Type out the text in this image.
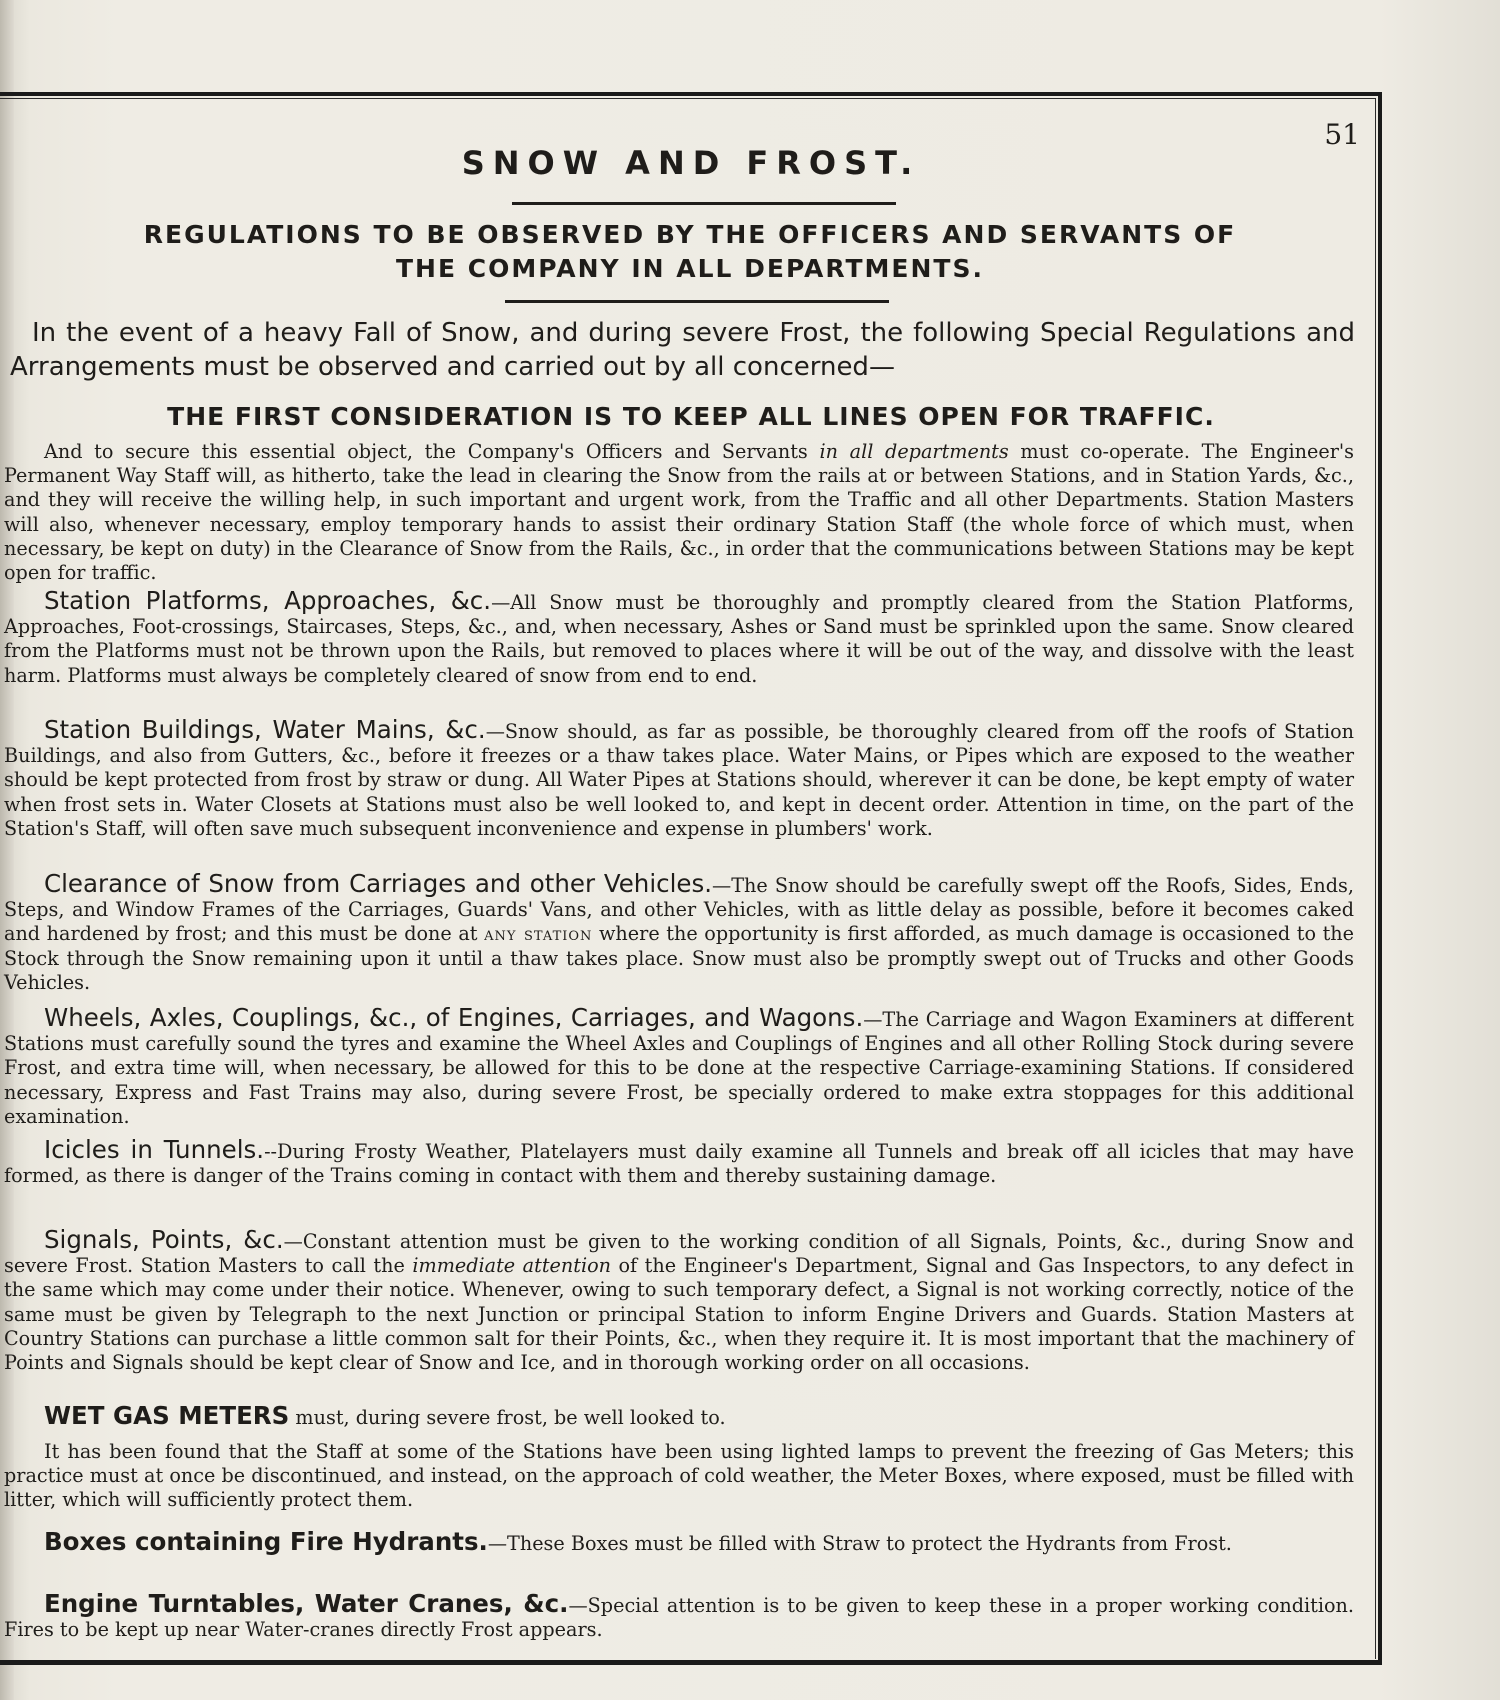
51
SNOW AND FROST.
REGULATIONS TO BE OBSERVED BY THE OFFICERS AND SERVANTS OF
THE COMPANY IN ALL DEPARTMENTS.
In the event of a heavy Fall of Snow, and during severe Frost, the following Special Regulations and Arrangements must be observed and carried out by all concerned—
THE FIRST CONSIDERATION IS TO KEEP ALL LINES OPEN FOR TRAFFIC.
And to secure this essential object, the Company's Officers and Servants in all departments must co-operate. The Engineer's Permanent Way Staff will, as hitherto, take the lead in clearing the Snow from the rails at or between Stations, and in Station Yards, &c., and they will receive the willing help, in such important and urgent work, from the Traffic and all other Departments. Station Masters will also, whenever necessary, employ temporary hands to assist their ordinary Station Staff (the whole force of which must, when necessary, be kept on duty) in the Clearance of Snow from the Rails, &c., in order that the communications between Stations may be kept open for traffic.
Station Platforms, Approaches, &c.—All Snow must be thoroughly and promptly cleared from the Station Platforms, Approaches, Foot-crossings, Staircases, Steps, &c., and, when necessary, Ashes or Sand must be sprinkled upon the same. Snow cleared from the Platforms must not be thrown upon the Rails, but removed to places where it will be out of the way, and dissolve with the least harm. Platforms must always be completely cleared of snow from end to end.
Station Buildings, Water Mains, &c.—Snow should, as far as possible, be thoroughly cleared from off the roofs of Station Buildings, and also from Gutters, &c., before it freezes or a thaw takes place. Water Mains, or Pipes which are exposed to the weather should be kept protected from frost by straw or dung. All Water Pipes at Stations should, wherever it can be done, be kept empty of water when frost sets in. Water Closets at Stations must also be well looked to, and kept in decent order. Attention in time, on the part of the Station's Staff, will often save much subsequent inconvenience and expense in plumbers' work.
Clearance of Snow from Carriages and other Vehicles.—The Snow should be carefully swept off the Roofs, Sides, Ends, Steps, and Window Frames of the Carriages, Guards' Vans, and other Vehicles, with as little delay as possible, before it becomes caked and hardened by frost; and this must be done at any station where the opportunity is first afforded, as much damage is occasioned to the Stock through the Snow remaining upon it until a thaw takes place. Snow must also be promptly swept out of Trucks and other Goods Vehicles.
Wheels, Axles, Couplings, &c., of Engines, Carriages, and Wagons.—The Carriage and Wagon Examiners at different Stations must carefully sound the tyres and examine the Wheel Axles and Couplings of Engines and all other Rolling Stock during severe Frost, and extra time will, when necessary, be allowed for this to be done at the respective Carriage-examining Stations. If considered necessary, Express and Fast Trains may also, during severe Frost, be specially ordered to make extra stoppages for this additional examination.
Icicles in Tunnels.--During Frosty Weather, Platelayers must daily examine all Tunnels and break off all icicles that may have formed, as there is danger of the Trains coming in contact with them and thereby sustaining damage.
Signals, Points, &c.—Constant attention must be given to the working condition of all Signals, Points, &c., during Snow and severe Frost. Station Masters to call the immediate attention of the Engineer's Department, Signal and Gas Inspectors, to any defect in the same which may come under their notice. Whenever, owing to such temporary defect, a Signal is not working correctly, notice of the same must be given by Telegraph to the next Junction or principal Station to inform Engine Drivers and Guards. Station Masters at Country Stations can purchase a little common salt for their Points, &c., when they require it. It is most important that the machinery of Points and Signals should be kept clear of Snow and Ice, and in thorough working order on all occasions.
WET GAS METERS must, during severe frost, be well looked to.
It has been found that the Staff at some of the Stations have been using lighted lamps to prevent the freezing of Gas Meters; this practice must at once be discontinued, and instead, on the approach of cold weather, the Meter Boxes, where exposed, must be filled with litter, which will sufficiently protect them.
Boxes containing Fire Hydrants.—These Boxes must be filled with Straw to protect the Hydrants from Frost.
Engine Turntables, Water Cranes, &c.—Special attention is to be given to keep these in a proper working condition. Fires to be kept up near Water-cranes directly Frost appears.
